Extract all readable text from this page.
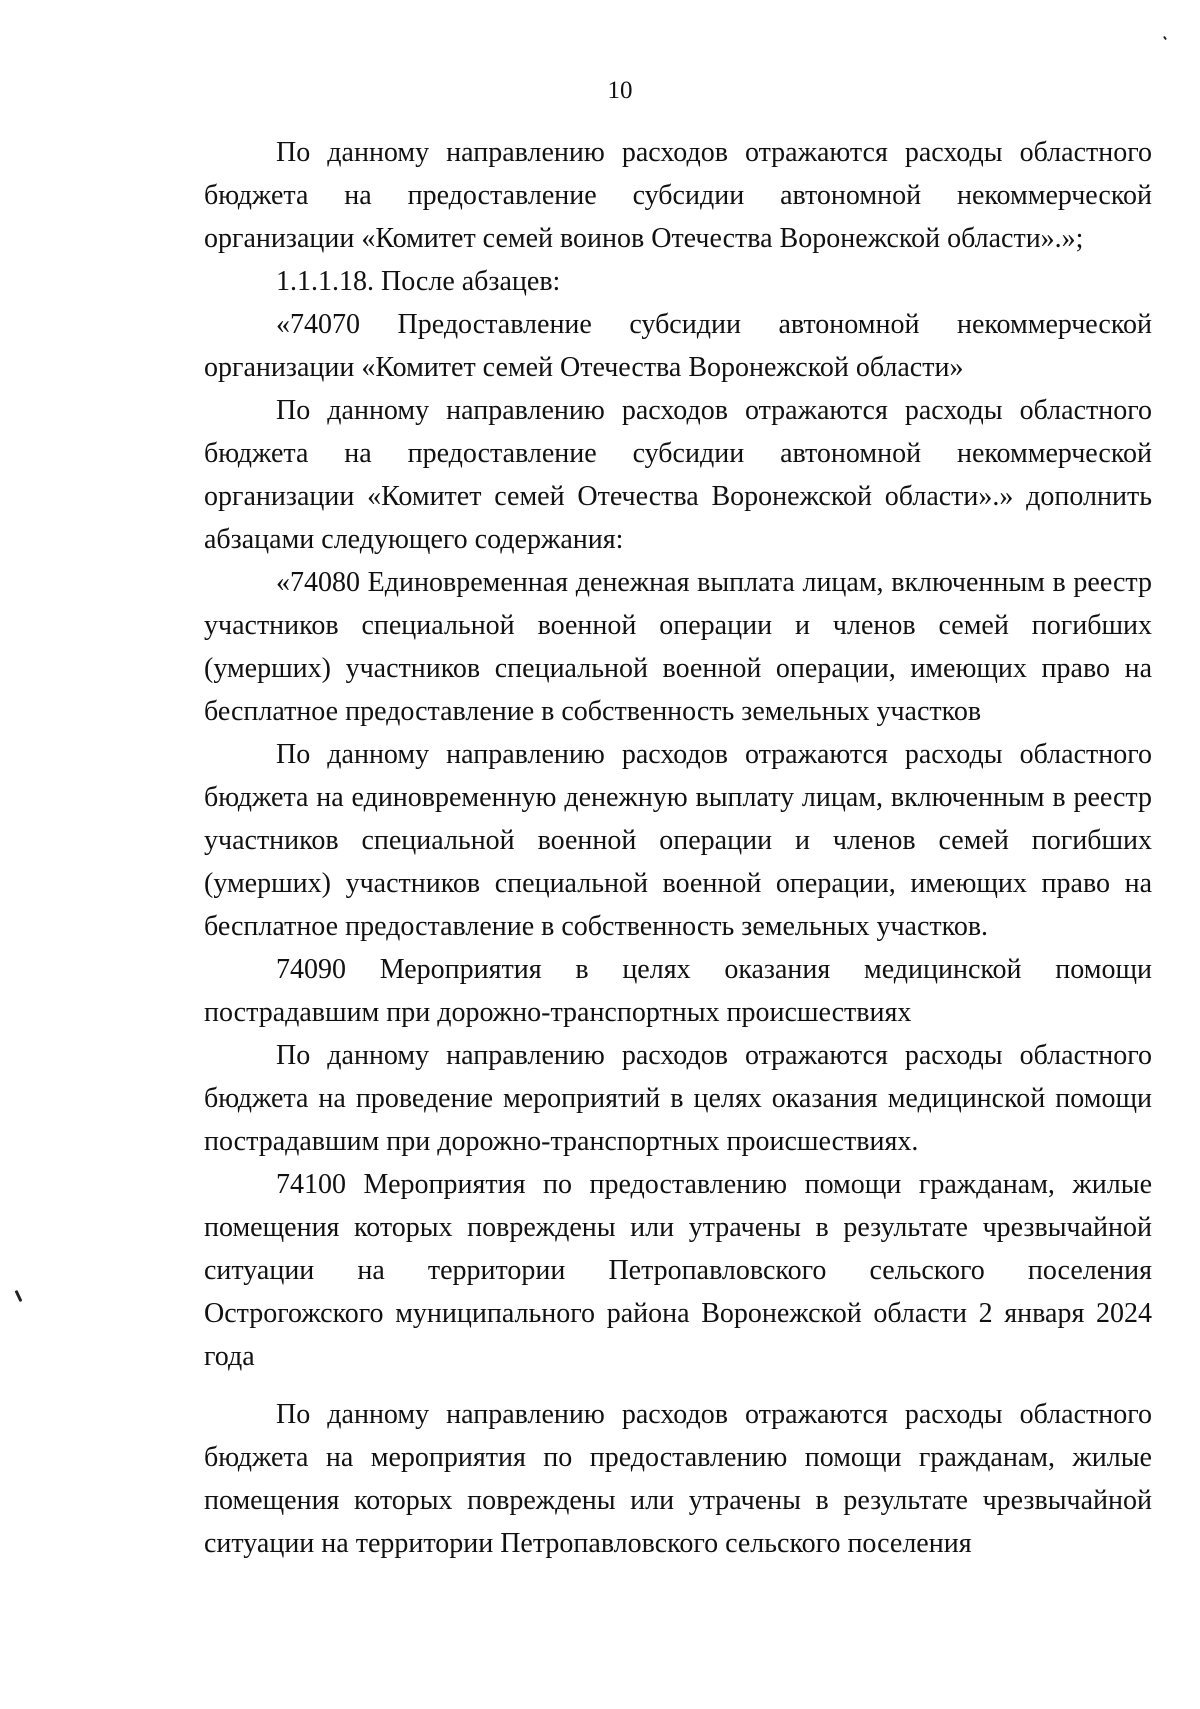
10

По данному направлению расходов отражаются расходы областного бюджета на предоставление субсидии автономной некоммерческой организации «Комитет семей воинов Отечества Воронежской области».»;

1.1.1.18. После абзацев:

«74070 Предоставление субсидии автономной некоммерческой организации «Комитет семей Отечества Воронежской области»

По данному направлению расходов отражаются расходы областного бюджета на предоставление субсидии автономной некоммерческой организации «Комитет семей Отечества Воронежской области».» дополнить абзацами следующего содержания:

«74080 Единовременная денежная выплата лицам, включенным в реестр участников специальной военной операции и членов семей погибших (умерших) участников специальной военной операции, имеющих право на бесплатное предоставление в собственность земельных участков

По данному направлению расходов отражаются расходы областного бюджета на единовременную денежную выплату лицам, включенным в реестр участников специальной военной операции и членов семей погибших (умерших) участников специальной военной операции, имеющих право на бесплатное предоставление в собственность земельных участков.

74090 Мероприятия в целях оказания медицинской помощи пострадавшим при дорожно-транспортных происшествиях

По данному направлению расходов отражаются расходы областного бюджета на проведение мероприятий в целях оказания медицинской помощи пострадавшим при дорожно-транспортных происшествиях.

74100 Мероприятия по предоставлению помощи гражданам, жилые помещения которых повреждены или утрачены в результате чрезвычайной ситуации на территории Петропавловского сельского поселения Острогожского муниципального района Воронежской области 2 января 2024 года

По данному направлению расходов отражаются расходы областного бюджета на мероприятия по предоставлению помощи гражданам, жилые помещения которых повреждены или утрачены в результате чрезвычайной ситуации на территории Петропавловского сельского поселения
